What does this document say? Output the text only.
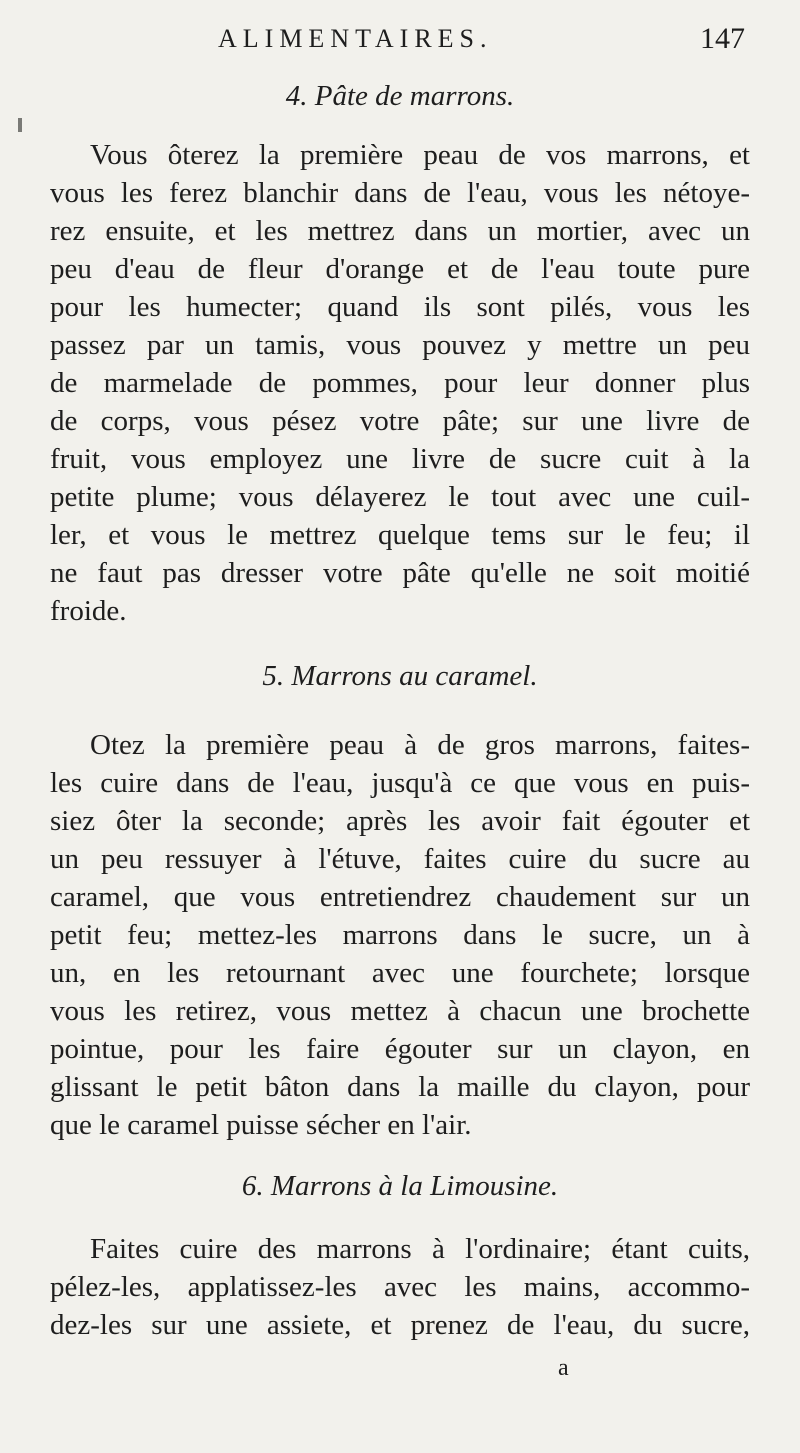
ALIMENTAIRES.	147
4. Pâte de marrons.
Vous ôterez la première peau de vos marrons, et
vous les ferez blanchir dans de l'eau, vous les nétoye-
rez ensuite, et les mettrez dans un mortier, avec un
peu d'eau de fleur d'orange et de l'eau toute pure
pour les humecter; quand ils sont pilés, vous les
passez par un tamis, vous pouvez y mettre un peu
de marmelade de pommes, pour leur donner plus
de corps, vous pésez votre pâte; sur une livre de
fruit, vous employez une livre de sucre cuit à la
petite plume; vous délayerez le tout avec une cuil-
ler, et vous le mettrez quelque tems sur le feu; il
ne faut pas dresser votre pâte qu'elle ne soit moitié
froide.
5. Marrons au caramel.
Otez la première peau à de gros marrons, faites-
les cuire dans de l'eau, jusqu'à ce que vous en puis-
siez ôter la seconde; après les avoir fait égouter et
un peu ressuyer à l'étuve, faites cuire du sucre au
caramel, que vous entretiendrez chaudement sur un
petit feu; mettez-les marrons dans le sucre, un à
un, en les retournant avec une fourchete; lorsque
vous les retirez, vous mettez à chacun une brochette
pointue, pour les faire égouter sur un clayon, en
glissant le petit bâton dans la maille du clayon, pour
que le caramel puisse sécher en l'air.
6. Marrons à la Limousine.
Faites cuire des marrons à l'ordinaire; étant cuits,
pélez-les, applatissez-les avec les mains, accommo-
dez-les sur une assiete, et prenez de l'eau, du sucre,
a
